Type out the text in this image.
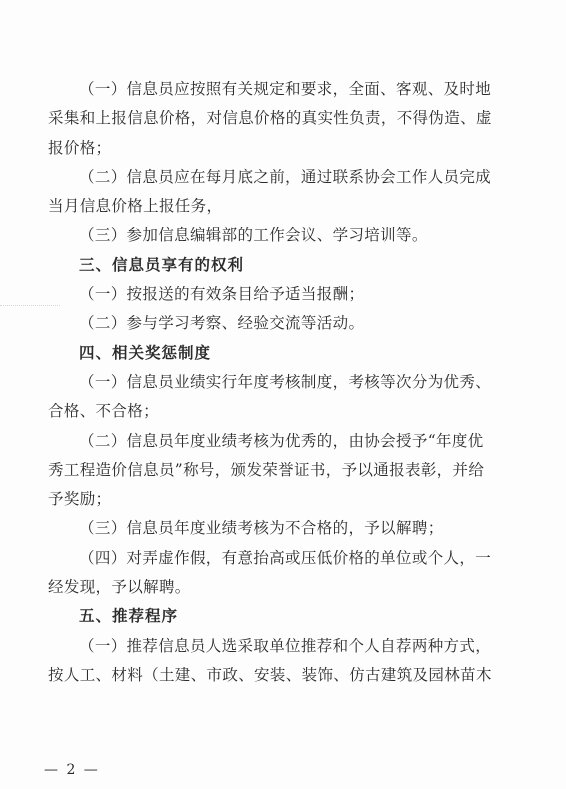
（一）信息员应按照有关规定和要求，全面、客观、及时地
采集和上报信息价格，对信息价格的真实性负责，不得伪造、虚
报价格；
（二）信息员应在每月底之前，通过联系协会工作人员完成
当月信息价格上报任务，
（三）参加信息编辑部的工作会议、学习培训等。
三、信息员享有的权利
（一）按报送的有效条目给予适当报酬；
（二）参与学习考察、经验交流等活动。
四、相关奖惩制度
（一）信息员业绩实行年度考核制度，考核等次分为优秀、
合格、不合格；
（二）信息员年度业绩考核为优秀的，由协会授予“年度优
秀工程造价信息员”称号，颁发荣誉证书，予以通报表彰，并给
予奖励；
（三）信息员年度业绩考核为不合格的，予以解聘；
（四）对弄虚作假，有意抬高或压低价格的单位或个人，一
经发现，予以解聘。
五、推荐程序
（一）推荐信息员人选采取单位推荐和个人自荐两种方式，
按人工、材料（土建、市政、安装、装饰、仿古建筑及园林苗木
— 2 —
